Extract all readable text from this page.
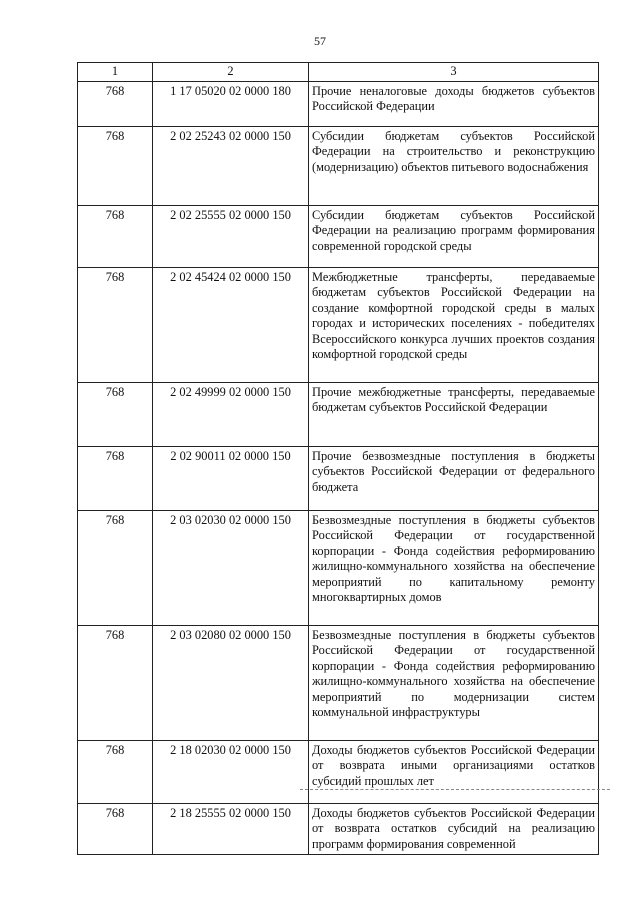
57
1	2	3
768	1 17 05020 02 0000 180	Прочие неналоговые доходы бюджетов субъектов Российской Федерации
768	2 02 25243 02 0000 150	Субсидии бюджетам субъектов Российской Федерации на строительство и реконструкцию (модернизацию) объектов питьевого водоснабжения
768	2 02 25555 02 0000 150	Субсидии бюджетам субъектов Российской Федерации на реализацию программ формирования современной городской среды
768	2 02 45424 02 0000 150	Межбюджетные трансферты, передаваемые бюджетам субъектов Российской Федерации на создание комфортной городской среды в малых городах и исторических поселениях - победителях Всероссийского конкурса лучших проектов создания комфортной городской среды
768	2 02 49999 02 0000 150	Прочие межбюджетные трансферты, передаваемые бюджетам субъектов Российской Федерации
768	2 02 90011 02 0000 150	Прочие безвозмездные поступления в бюджеты субъектов Российской Федерации от федерального бюджета
768	2 03 02030 02 0000 150	Безвозмездные поступления в бюджеты субъектов Российской Федерации от государственной корпорации - Фонда содействия реформированию жилищно-коммунального хозяйства на обеспечение мероприятий по капитальному ремонту многоквартирных домов
768	2 03 02080 02 0000 150	Безвозмездные поступления в бюджеты субъектов Российской Федерации от государственной корпорации - Фонда содействия реформированию жилищно-коммунального хозяйства на обеспечение мероприятий по модернизации систем коммунальной инфраструктуры
768	2 18 02030 02 0000 150	Доходы бюджетов субъектов Российской Федерации от возврата иными организациями остатков субсидий прошлых лет
768	2 18 25555 02 0000 150	Доходы бюджетов субъектов Российской Федерации от возврата остатков субсидий на реализацию программ формирования современной
